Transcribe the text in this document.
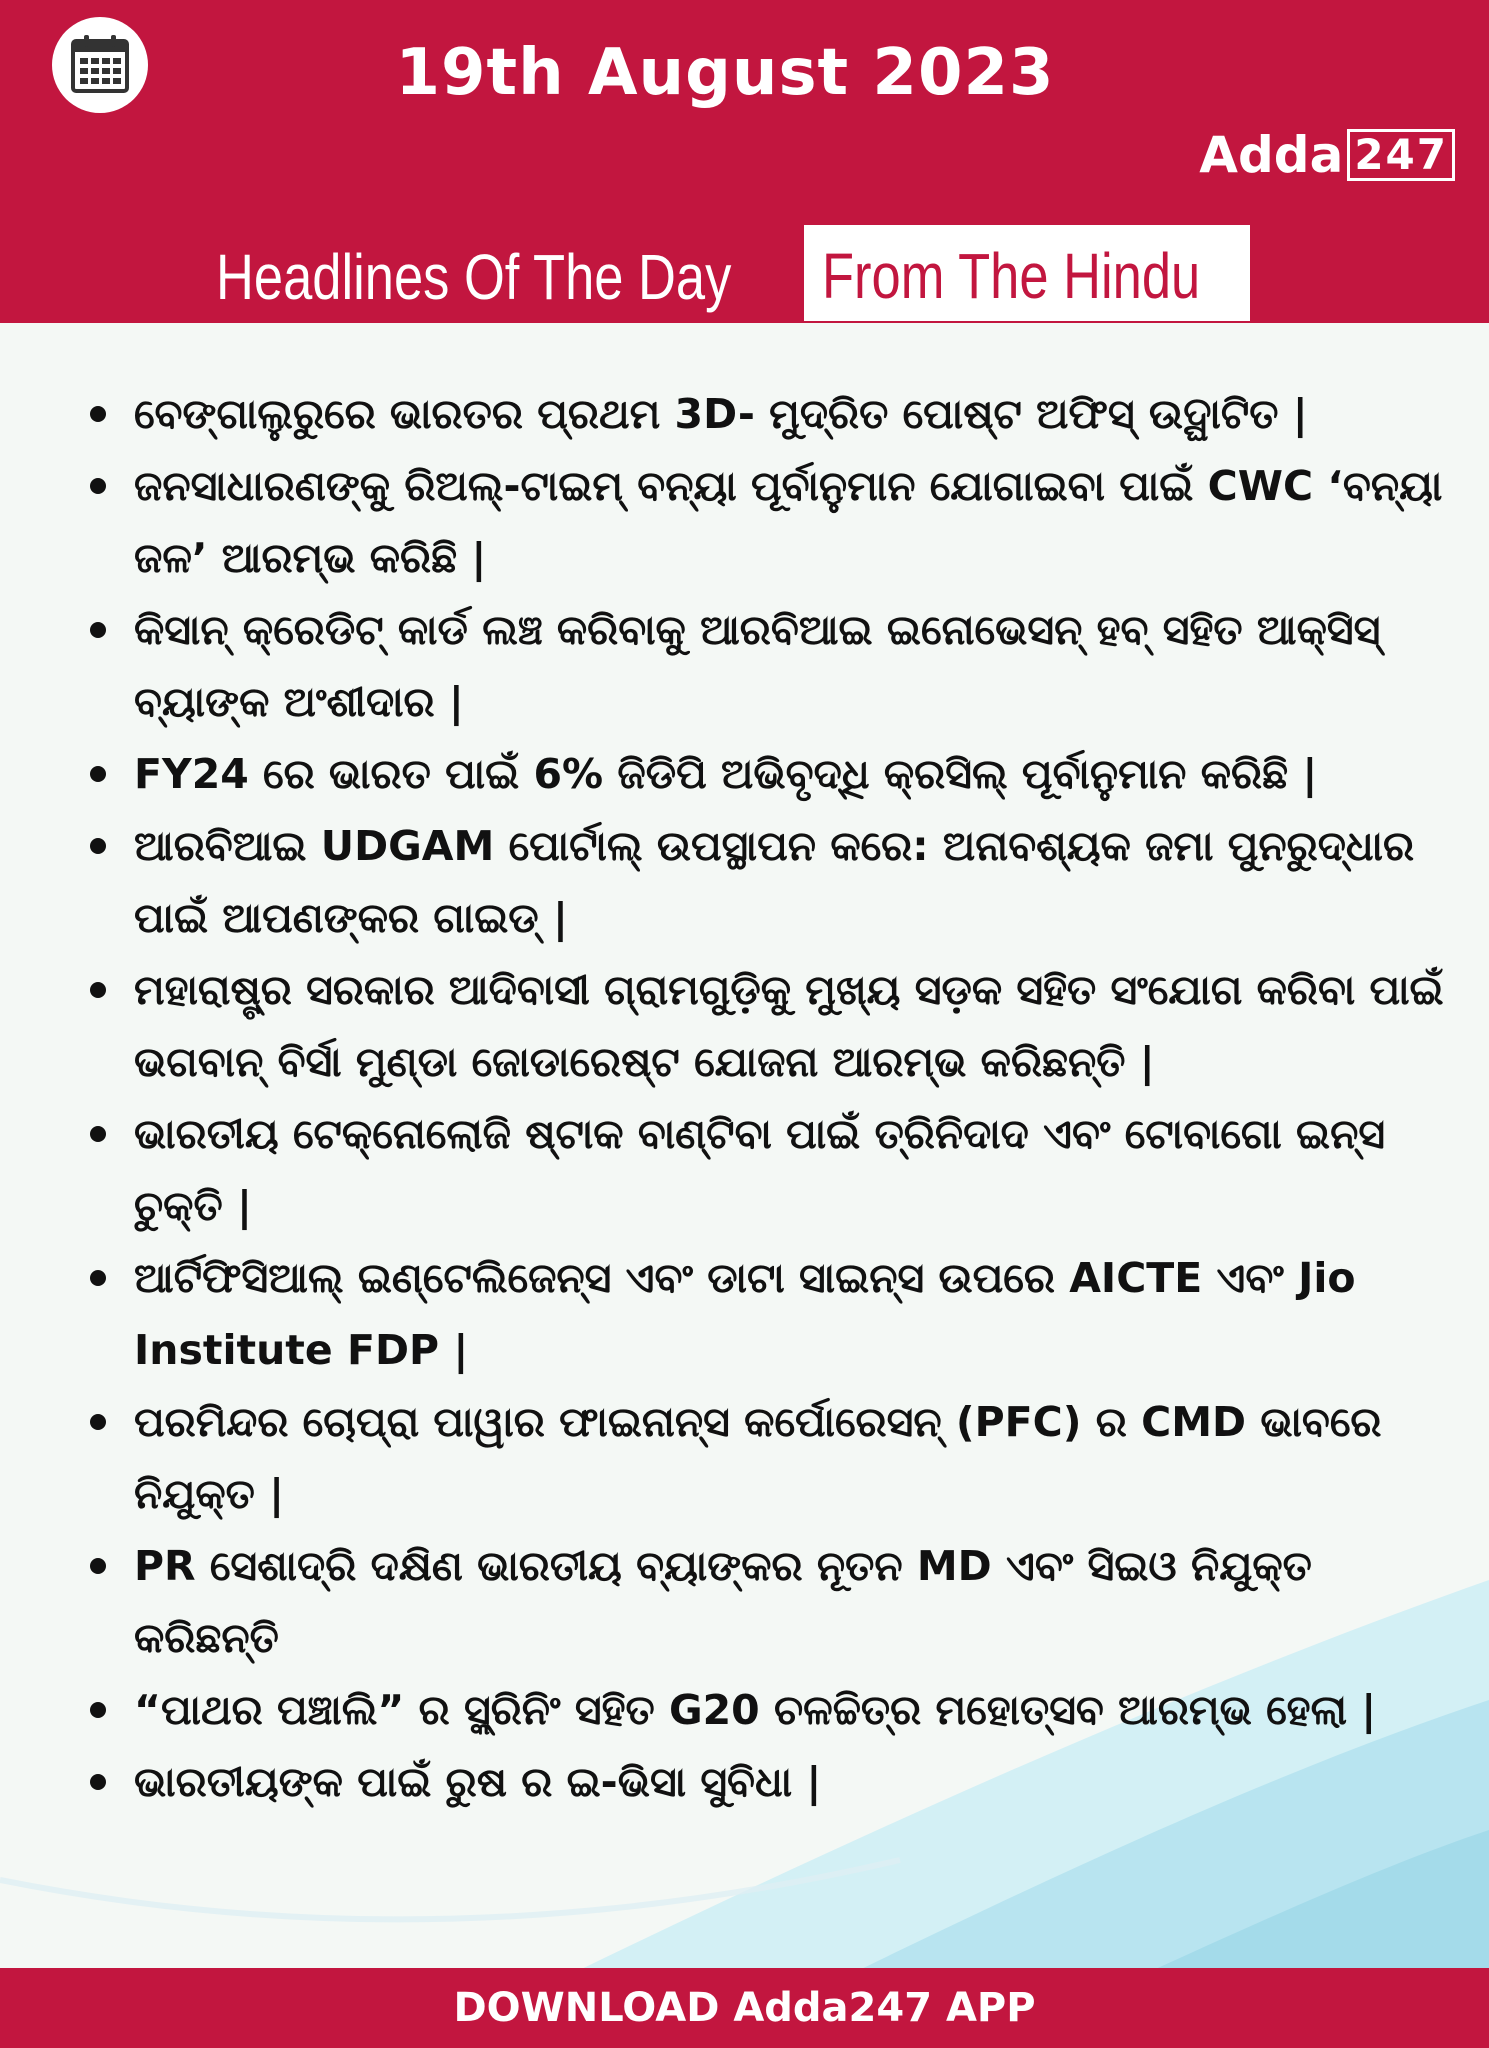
19th August 2023
Adda 247
Headlines Of The Day From The Hindu
ବେଙ୍ଗାଲୁରୁରେ ଭାରତର ପ୍ରଥମ 3D- ମୁଦ୍ରିତ ପୋଷ୍ଟ ଅଫିସ୍ ଉଦ୍ଘାଟିତ |
ଜନସାଧାରଣଙ୍କୁ ରିଅଲ୍-ଟାଇମ୍ ବନ୍ୟା ପୂର୍ବାନୁମାନ ଯୋଗାଇବା ପାଇଁ CWC ‘ବନ୍ୟା ଜଳ’ ଆରମ୍ଭ କରିଛି |
କିସାନ୍ କ୍ରେଡିଟ୍ କାର୍ଡ ଲଞ୍ଚ କରିବାକୁ ଆରବିଆଇ ଇନୋଭେସନ୍ ହବ୍ ସହିତ ଆକ୍ସିସ୍ ବ୍ୟାଙ୍କ ଅଂଶୀଦାର |
FY24 ରେ ଭାରତ ପାଇଁ 6% ଜିଡିପି ଅଭିବୃଦ୍ଧି କ୍ରସିଲ୍ ପୂର୍ବାନୁମାନ କରିଛି |
ଆରବିଆଇ UDGAM ପୋର୍ଟାଲ୍ ଉପସ୍ଥାପନ କରେ: ଅନାବଶ୍ୟକ ଜମା ପୁନରୁଦ୍ଧାର ପାଇଁ ଆପଣଙ୍କର ଗାଇଡ୍ |
ମହାରାଷ୍ଟ୍ର ସରକାର ଆଦିବାସୀ ଗ୍ରାମଗୁଡ଼ିକୁ ମୁଖ୍ୟ ସଡ଼କ ସହିତ ସଂଯୋଗ କରିବା ପାଇଁ ଭଗବାନ୍ ବିର୍ସା ମୁଣ୍ଡା ଜୋଡାରେଷ୍ଟ ଯୋଜନା ଆରମ୍ଭ କରିଛନ୍ତି |
ଭାରତୀୟ ଟେକ୍ନୋଲୋଜି ଷ୍ଟାକ ବାଣ୍ଟିବା ପାଇଁ ତ୍ରିନିଦାଦ ଏବଂ ଟୋବାଗୋ ଇନ୍ସ ଚୁକ୍ତି |
ଆର୍ଟିଫିସିଆଲ୍ ଇଣ୍ଟେଲିଜେନ୍ସ ଏବଂ ଡାଟା ସାଇନ୍ସ ଉପରେ AICTE ଏବଂ Jio Institute FDP |
ପରମିନ୍ଦର ଚୋପ୍ରା ପାୱାର ଫାଇନାନ୍ସ କର୍ପୋରେସନ୍ (PFC) ର CMD ଭାବରେ ନିଯୁକ୍ତ |
PR ସେଶାଦ୍ରି ଦକ୍ଷିଣ ଭାରତୀୟ ବ୍ୟାଙ୍କର ନୂତନ MD ଏବଂ ସିଇଓ ନିଯୁକ୍ତ କରିଛନ୍ତି
“ପାଥର ପଞ୍ଚାଲି” ର ସ୍କ୍ରିନିଂ ସହିତ G20 ଚଳଚ୍ଚିତ୍ର ମହୋତ୍ସବ ଆରମ୍ଭ ହେଲା |
ଭାରତୀୟଙ୍କ ପାଇଁ ରୁଷ ର ଇ-ଭିସା ସୁବିଧା |
DOWNLOAD Adda247 APP
